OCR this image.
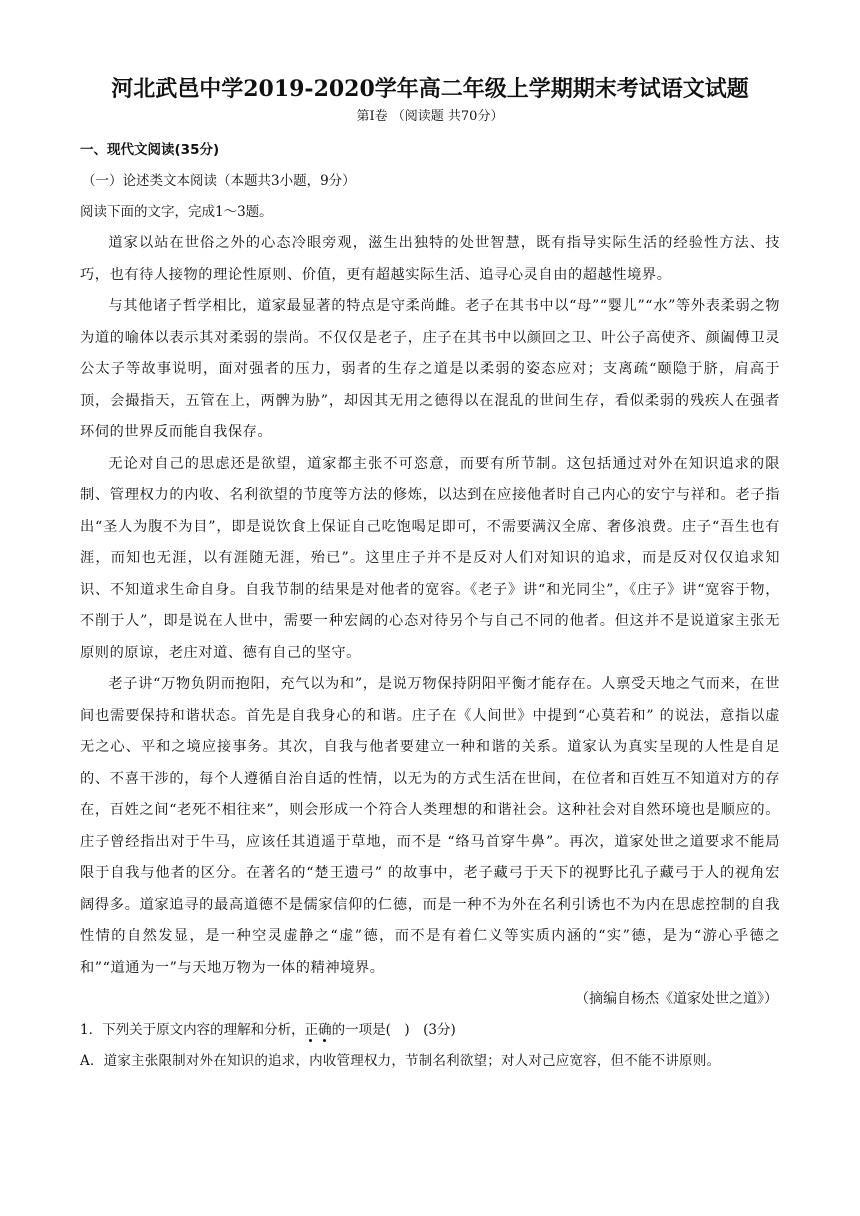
河北武邑中学2019-2020学年高二年级上学期期末考试语文试题

第Ⅰ卷 （阅读题 共70分）

一、现代文阅读(35分)

（一）论述类文本阅读（本题共3小题，9分）

阅读下面的文字，完成1～3题。

道家以站在世俗之外的心态冷眼旁观，滋生出独特的处世智慧，既有指导实际生活的经验性方法、技巧，也有待人接物的理论性原则、价值，更有超越实际生活、追寻心灵自由的超越性境界。

与其他诸子哲学相比，道家最显著的特点是守柔尚雌。老子在其书中以“母”“婴儿”“水”等外表柔弱之物为道的喻体以表示其对柔弱的崇尚。不仅仅是老子，庄子在其书中以颜回之卫、叶公子高使齐、颜阖傅卫灵公太子等故事说明，面对强者的压力，弱者的生存之道是以柔弱的姿态应对；支离疏“颐隐于脐，肩高于顶，会撮指天，五管在上，两髀为胁”，却因其无用之德得以在混乱的世间生存，看似柔弱的残疾人在强者环伺的世界反而能自我保存。

无论对自己的思虑还是欲望，道家都主张不可恣意，而要有所节制。这包括通过对外在知识追求的限制、管理权力的内收、名利欲望的节度等方法的修炼，以达到在应接他者时自己内心的安宁与祥和。老子指出“圣人为腹不为目”，即是说饮食上保证自己吃饱喝足即可，不需要满汉全席、奢侈浪费。庄子“吾生也有涯，而知也无涯，以有涯随无涯，殆已”。这里庄子并不是反对人们对知识的追求，而是反对仅仅追求知识、不知道求生命自身。自我节制的结果是对他者的宽容。《老子》讲“和光同尘”，《庄子》讲“宽容于物，不削于人”，即是说在人世中，需要一种宏阔的心态对待另个与自己不同的他者。但这并不是说道家主张无原则的原谅，老庄对道、德有自己的坚守。

老子讲“万物负阴而抱阳，充气以为和”，是说万物保持阴阳平衡才能存在。人禀受天地之气而来，在世间也需要保持和谐状态。首先是自我身心的和谐。庄子在《人间世》中提到“心莫若和” 的说法，意指以虚无之心、平和之境应接事务。其次，自我与他者要建立一种和谐的关系。道家认为真实呈现的人性是自足的、不喜干涉的，每个人遵循自治自适的性情，以无为的方式生活在世间，在位者和百姓互不知道对方的存在，百姓之间“老死不相往来”，则会形成一个符合人类理想的和谐社会。这种社会对自然环境也是顺应的。庄子曾经指出对于牛马，应该任其逍遥于草地，而不是 “络马首穿牛鼻”。再次，道家处世之道要求不能局限于自我与他者的区分。在著名的“楚王遗弓” 的故事中，老子藏弓于天下的视野比孔子藏弓于人的视角宏阔得多。道家追寻的最高道德不是儒家信仰的仁德，而是一种不为外在名利引诱也不为内在思虑控制的自我性情的自然发显，是一种空灵虚静之“虚”德，而不是有着仁义等实质内涵的“实”德，是为“游心乎德之和”“道通为一”与天地万物为一体的精神境界。

（摘编自杨杰《道家处世之道》）

1．下列关于原文内容的理解和分析，正确的一项是(　)　(3分)

A．道家主张限制对外在知识的追求，内收管理权力，节制名利欲望；对人对己应宽容，但不能不讲原则。
